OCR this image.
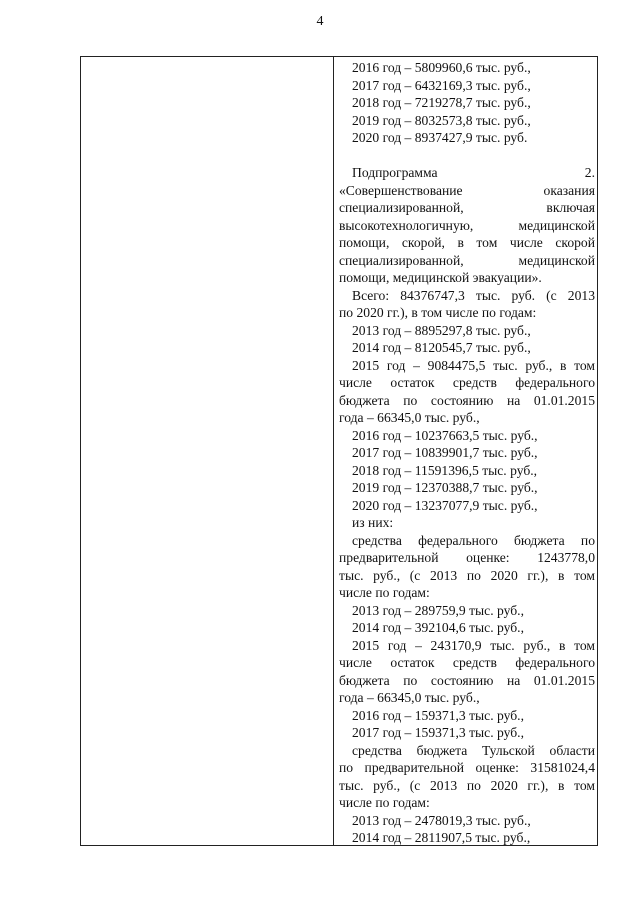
4

2016 год – 5809960,6 тыс. руб.,

2017 год – 6432169,3 тыс. руб.,

2018 год – 7219278,7 тыс. руб.,

2019 год – 8032573,8 тыс. руб.,

2020 год – 8937427,9 тыс. руб.

Подпрограмма	2.

«Совершенствование оказания

специализированной, включая

высокотехнологичную, медицинской

помощи, скорой, в том числе скорой

специализированной, медицинской

помощи, медицинской эвакуации».

Всего: 84376747,3 тыс. руб. (с 2013

по 2020 гг.), в том числе по годам:

2013 год – 8895297,8 тыс. руб.,

2014 год – 8120545,7 тыс. руб.,

2015 год – 9084475,5 тыс. руб., в том

числе остаток средств федерального

бюджета по состоянию на 01.01.2015

года – 66345,0 тыс. руб.,

2016 год – 10237663,5 тыс. руб.,

2017 год – 10839901,7 тыс. руб.,

2018 год – 11591396,5 тыс. руб.,

2019 год – 12370388,7 тыс. руб.,

2020 год – 13237077,9 тыс. руб.,

из них:

средства федерального бюджета по

предварительной оценке: 1243778,0

тыс. руб., (с 2013 по 2020 гг.), в том

числе по годам:

2013 год – 289759,9 тыс. руб.,

2014 год – 392104,6 тыс. руб.,

2015 год – 243170,9 тыс. руб., в том

числе остаток средств федерального

бюджета по состоянию на 01.01.2015

года – 66345,0 тыс. руб.,

2016 год – 159371,3 тыс. руб.,

2017 год – 159371,3 тыс. руб.,

средства бюджета Тульской области

по предварительной оценке: 31581024,4

тыс. руб., (с 2013 по 2020 гг.), в том

числе по годам:

2013 год – 2478019,3 тыс. руб.,

2014 год – 2811907,5 тыс. руб.,
